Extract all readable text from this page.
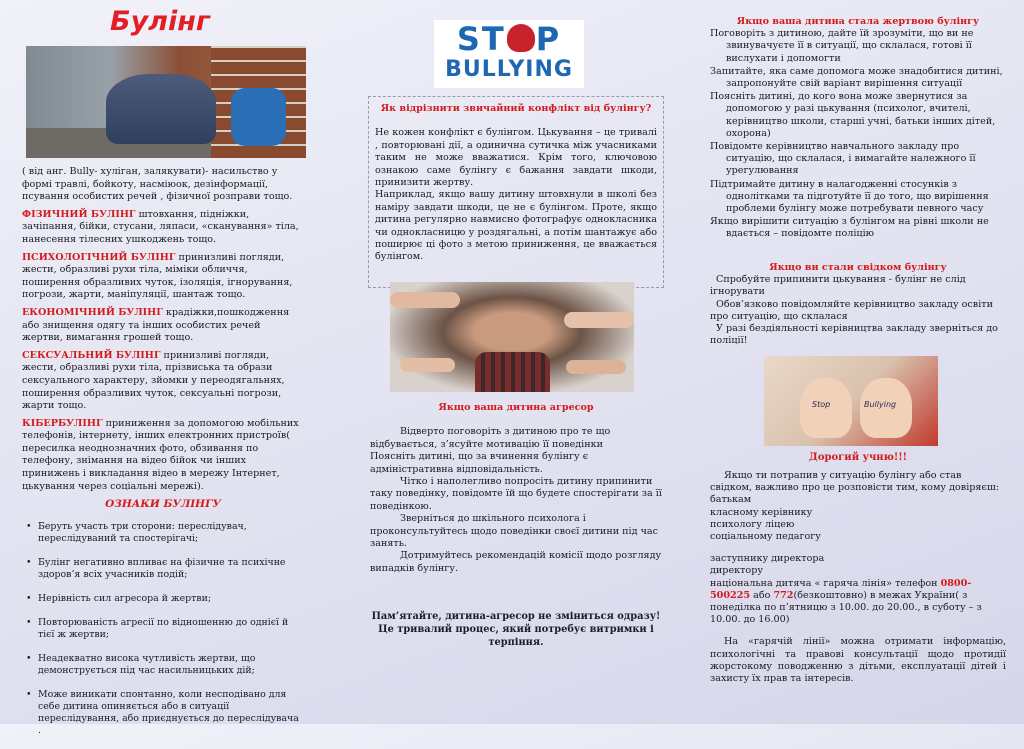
Булінг

( від анг. Bully- хуліган, залякувати)- насильство у формі травлі, бойкоту, насміюок, дезінформації, псування особистих речей , фізичної розправи тощо.

ФІЗИЧНИЙ БУЛІНГ штовхання, підніжки, зачіпання, бійки, стусани, ляпаси, «сканування» тіла, нанесення тілесних ушкоджень тощо.

ПСИХОЛОГІЧНИЙ БУЛІНГ принизливі погляди, жести, образливі рухи тіла, міміки обличчя, поширення образливих чуток, ізоляція, ігнорування, погрози, жарти, маніпуляції, шантаж тощо.

ЕКОНОМІЧНИЙ БУЛІНГ крадіжки,пошкодження або знищення одягу та інших особистих речей жертви, вимагання грошей тощо.

СЕКСУАЛЬНИЙ БУЛІНГ принизливі погляди, жести, образливі рухи тіла, прізвиська та образи сексуального характеру, зйомки у переодягальнях, поширення образливих чуток, сексуальні погрози, жарти тощо.

КІБЕРБУЛІНГ приниження за допомогою мобільних телефонів, інтернету, інших електронних пристроїв( пересилка неоднозначних фото, обзивання по телефону, знімання на відео бійок чи інших принижень і викладання відео в мережу Інтернет, цькування через соціальні мережі).

ОЗНАКИ БУЛІНГУ
• Беруть участь три сторони: переслідувач, переслідуваний та спостерігачі;
• Булінг негативно впливає на фізичне та психічне здоров’я всіх учасників подій;
• Нерівність сил агресора й жертви;
• Повторюваність агресії по відношенню до однієї й тієї ж жертви;
• Неадекватно висока чутливість жертви, що демонструється під час насильницьких дій;
• Може виникати спонтанно, коли несподівано для себе дитина опиняється або в ситуації переслідування, або приєднується до переслідувача .
ST P
BULLYING
Як відрізнити звичайний конфлікт від булінгу?

Не кожен конфлікт є булінгом. Цькування – це тривалі , повторювані дії, а одинична сутичка між учасниками таким не може вважатися. Крім того, ключовою ознакою саме булінгу є бажання завдати шкоди, принизити жертву.

Наприклад, якщо вашу дитину штовхнули в школі без наміру завдати шкоди, це не є булінгом. Проте, якщо дитина регулярно навмисно фотографує однокласника чи однокласницю у роздягальні, а потім шантажує або поширює ці фото з метою приниження, це вважається булінгом.

Якщо ваша дитина агресор

Відверто поговоріть з дитиною про те що відбувається, з’ясуйте мотивацію її поведінки

Поясніть дитині, що за вчинення булінгу є адміністративна відповідальність.

Чітко і наполегливо попросіть дитину припинити таку поведінку, повідомте їй що будете спостерігати за її поведінкою.

Зверніться до шкільного психолога і проконсультуйтесь щодо поведінки своєї дитини під час занять.

Дотримуйтесь рекомендацій комісії щодо розгляду випадків булінгу.

Пам’ятайте, дитина-агресор не зміниться одразу! Це тривалий процес, який потребує витримки і терпіння.
Якщо ваша дитина стала жертвою булінгу

Поговоріть з дитиною, дайте їй зрозуміти, що ви не звинувачуєте її в ситуації, що склалася, готові її вислухати і допомогти

Запитайте, яка саме допомога може знадобитися дитині, запропонуйте свій варіант вирішення ситуації

Поясніть дитині, до кого вона може звернутися за допомогою у разі цькування (психолог, вчителі, керівництво школи, старші учні, батьки інших дітей, охорона)

Повідомте керівництво навчального закладу про ситуацію, що склалася, і вимагайте належного її урегулювання

Підтримайте дитину в налагодженні стосунків з однолітками та підготуйте її до того, що вирішення проблеми булінгу може потребувати певного часу

Якщо вирішити ситуацію з булінгом на рівні школи не вдається – повідомте поліцію

Якщо ви стали свідком булінгу

Спробуйте припинити цькування - булінг не слід ігнорувати

Обов’язково повідомляйте керівництво закладу освіти про ситуацію, що склалася

У разі бездіяльності керівництва закладу зверніться до поліції!

Stop	Bullying
Дорогий учню!!!

Якщо ти потрапив у ситуацію булінгу або став свідком, важливо про це розповісти тим, кому довіряєш:

батькам

класному керівнику

психологу ліцею

соціальному педагогу

заступнику директора

директору

національна дитяча « гаряча лінія» телефон 0800-500225 або 772(безкоштовно) в межах України( з понеділка по п’ятницю з 10.00. до 20.00., в суботу – з 10.00. до 16.00)

На «гарячій лінії» можна отримати інформацію, психологічні та правові консультації щодо протидії жорстокому поводженню з дітьми, експлуатації дітей і захисту їх прав та інтересів.
